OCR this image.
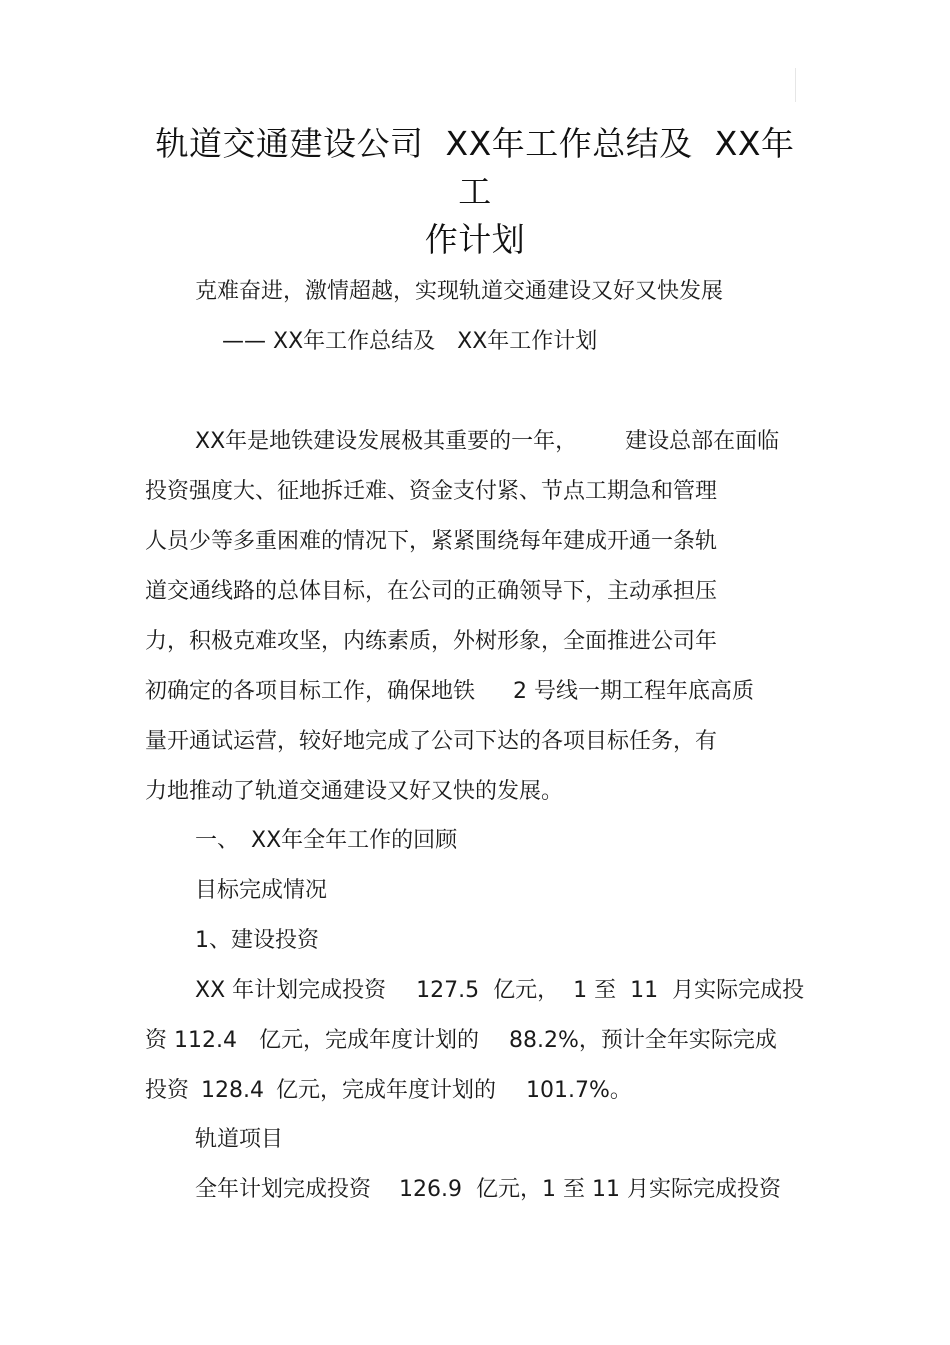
轨道交通建设公司 XX年工作总结及 XX年工
作计划
克难奋进，激情超越，实现轨道交通建设又好又快发展
—— XX年工作总结及 XX年工作计划
XX年是地铁建设发展极其重要的一年， 建设总部在面临
投资强度大、征地拆迁难、资金支付紧、节点工期急和管理
人员少等多重困难的情况下，紧紧围绕每年建成开通一条轨
道交通线路的总体目标，在公司的正确领导下，主动承担压
力，积极克难攻坚，内练素质，外树形象，全面推进公司年
初确定的各项目标工作，确保地铁 2 号线一期工程年底高质
量开通试运营，较好地完成了公司下达的各项目标任务，有
力地推动了轨道交通建设又好又快的发展。
一、 XX年全年工作的回顾
目标完成情况
1、建设投资
XX 年计划完成投资 127.5 亿元， 1 至 11 月实际完成投
资 112.4 亿元，完成年度计划的 88.2%，预计全年实际完成
投资 128.4 亿元，完成年度计划的 101.7%。
轨道项目
全年计划完成投资 126.9 亿元，1 至 11 月实际完成投资
